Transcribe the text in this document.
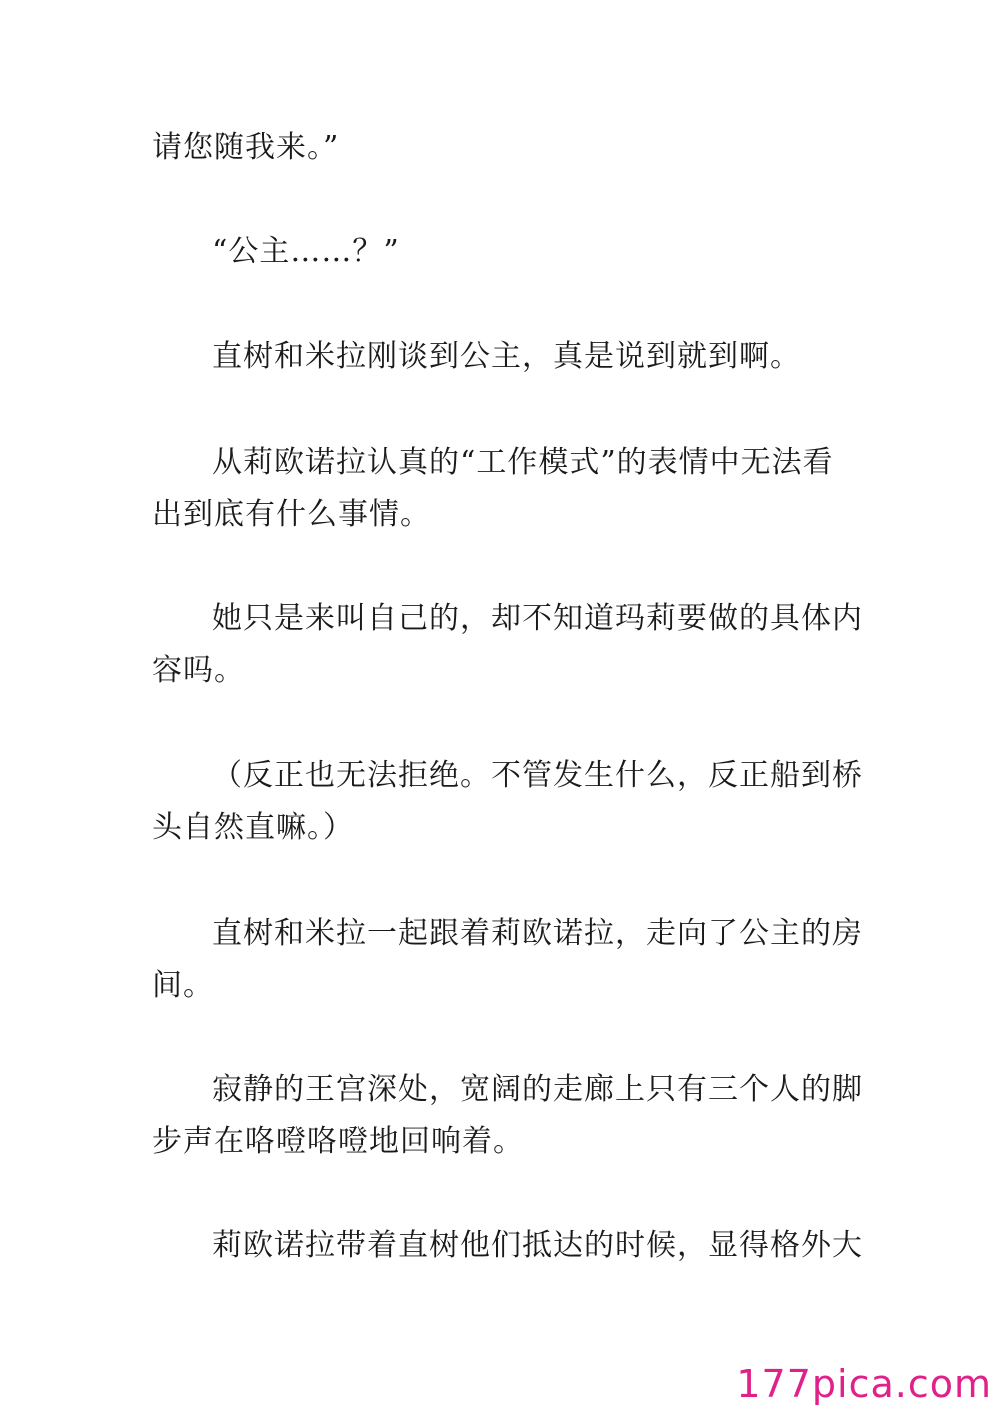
请您随我来。”
“公主……？”
直树和米拉刚谈到公主，真是说到就到啊。
从莉欧诺拉认真的“工作模式”的表情中无法看
出到底有什么事情。
她只是来叫自己的，却不知道玛莉要做的具体内
容吗。
（反正也无法拒绝。不管发生什么，反正船到桥
头自然直嘛。）
直树和米拉一起跟着莉欧诺拉，走向了公主的房
间。
寂静的王宫深处，宽阔的走廊上只有三个人的脚
步声在咯噔咯噔地回响着。
莉欧诺拉带着直树他们抵达的时候，显得格外大
177pica.com
